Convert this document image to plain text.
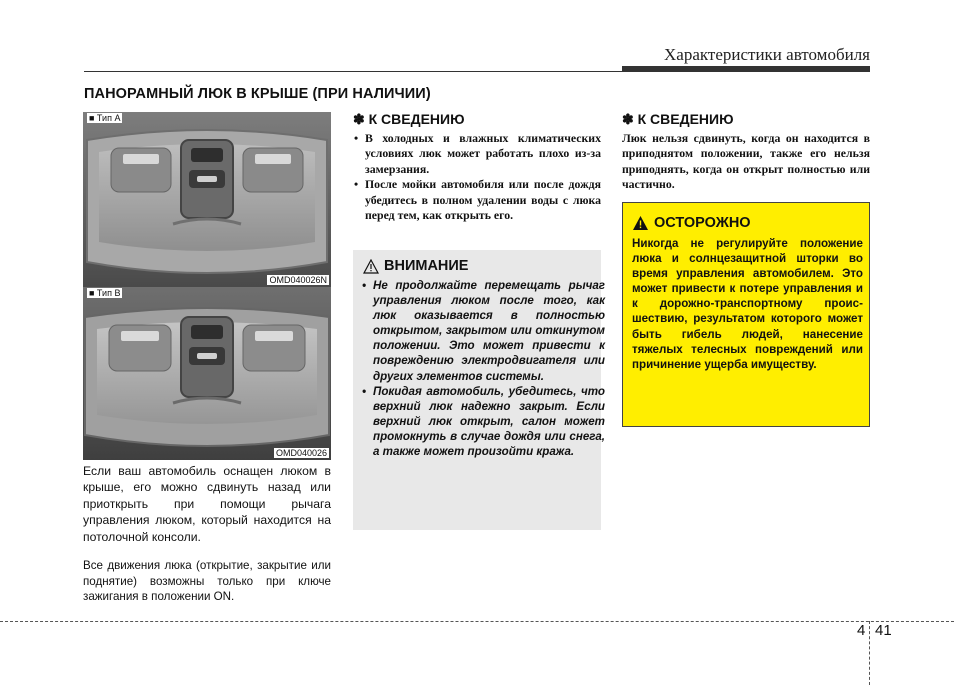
Характеристики автомобиля
ПАНОРАМНЫЙ ЛЮК В КРЫШЕ (ПРИ НАЛИЧИИ)
■ Тип А
OMD040026N
■ Тип В
OMD040026
Если ваш автомобиль оснащен люком в крыше, его можно сдвинуть назад или приоткрыть при помощи рычага управления люком, который находится на потолочной консоли.
Все движения люка (открытие, закрытие или поднятие) возможны только при ключе зажигания в положении ON.
✽ К СВЕДЕНИЮ
• В холодных и влажных климатических условиях люк может работать плохо из-за замерзания.
• После мойки автомобиля или после дождя убедитесь в полном удалении воды с люка перед тем, как открыть его.
ВНИМАНИЕ
• Не продолжайте перемещать рычаг управления люком после того, как люк оказывается в полностью открытом, закрытом или откинутом положении. Это может привести к повреждению электродвигателя или других элементов системы.
• Покидая автомобиль, убедитесь, что верхний люк надежно закрыт. Если верхний люк открыт, салон может промокнуть в случае дождя или снега, а также может произойти кража.
✽ К СВЕДЕНИЮ
Люк нельзя сдвинуть, когда он находится в приподнятом положении, также его нельзя приподнять, когда он открыт полностью или частично.
ОСТОРОЖНО
Никогда не регулируйте положение люка и солнцезащитной шторки во время управления автомобилем. Это может привести к потере управления и к дорожно-транспортному проис-шествию, результатом которого может быть гибель людей, нанесение тяжелых телесных повреждений или причинение ущерба имуществу.
4 41
